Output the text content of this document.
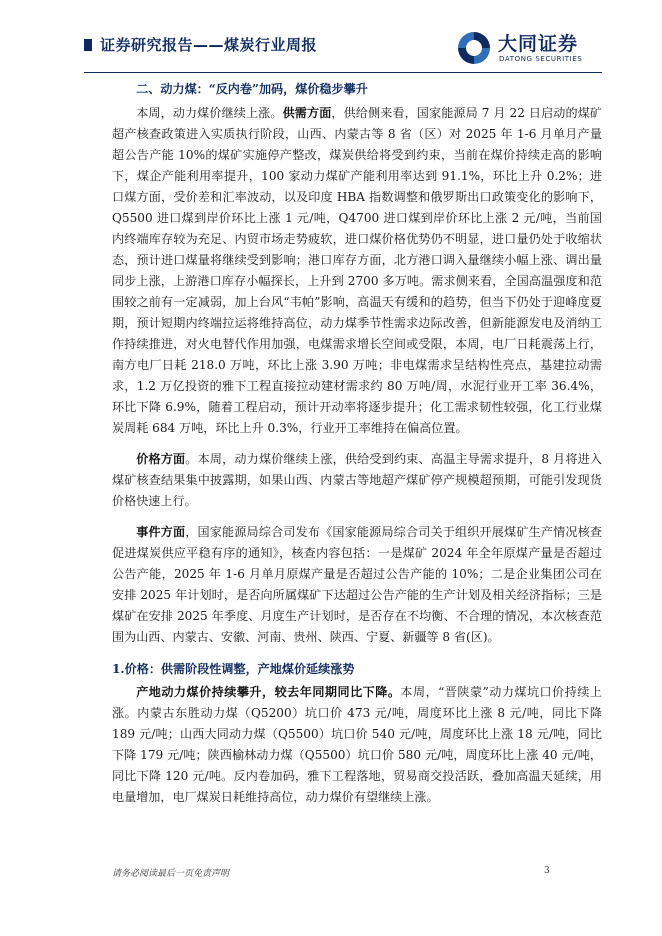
证券研究报告——煤炭行业周报	大同证券
DATONG SECURITIES

二、动力煤：“反内卷”加码，煤价稳步攀升

本周，动力煤价继续上涨。供需方面，供给侧来看，国家能源局 7 月 22 日启动的煤矿超产核查政策进入实质执行阶段，山西、内蒙古等 8 省（区）对 2025 年 1-6 月单月产量超公告产能 10%的煤矿实施停产整改，煤炭供给将受到约束，当前在煤价持续走高的影响下，煤企产能利用率提升，100 家动力煤矿产能利用率达到 91.1%，环比上升 0.2%；进口煤方面，受价差和汇率波动，以及印度 HBA 指数调整和俄罗斯出口政策变化的影响下，Q5500 进口煤到岸价环比上涨 1 元/吨，Q4700 进口煤到岸价环比上涨 2 元/吨，当前国内终端库存较为充足、内贸市场走势疲软，进口煤价格优势仍不明显，进口量仍处于收缩状态，预计进口煤量将继续受到影响；港口库存方面，北方港口调入量继续小幅上涨、调出量同步上涨，上游港口库存小幅探长，上升到 2700 多万吨。需求侧来看，全国高温强度和范围较之前有一定减弱，加上台风“韦帕”影响，高温天有缓和的趋势，但当下仍处于迎峰度夏期，预计短期内终端拉运将维持高位，动力煤季节性需求边际改善，但新能源发电及消纳工作持续推进，对火电替代作用加强，电煤需求增长空间或受限，本周，电厂日耗震荡上行，南方电厂日耗 218.0 万吨，环比上涨 3.90 万吨；非电煤需求呈结构性亮点，基建拉动需求，1.2 万亿投资的雅下工程直接拉动建材需求约 80 万吨/周，水泥行业开工率 36.4%，环比下降 6.9%，随着工程启动，预计开动率将逐步提升；化工需求韧性较强，化工行业煤炭周耗 684 万吨，环比上升 0.3%，行业开工率维持在偏高位置。

价格方面。本周，动力煤价继续上涨，供给受到约束、高温主导需求提升，8 月将进入煤矿核查结果集中披露期，如果山西、内蒙古等地超产煤矿停产规模超预期，可能引发现货价格快速上行。

事件方面，国家能源局综合司发布《国家能源局综合司关于组织开展煤矿生产情况核查促进煤炭供应平稳有序的通知》，核查内容包括：一是煤矿 2024 年全年原煤产量是否超过公告产能，2025 年 1-6 月单月原煤产量是否超过公告产能的 10%；二是企业集团公司在安排 2025 年计划时，是否向所属煤矿下达超过公告产能的生产计划及相关经济指标；三是煤矿在安排 2025 年季度、月度生产计划时，是否存在不均衡、不合理的情况，本次核查范围为山西、内蒙古、安徽、河南、贵州、陕西、宁夏、新疆等 8 省(区)。

1.价格：供需阶段性调整，产地煤价延续涨势

产地动力煤价持续攀升，较去年同期同比下降。本周，“晋陕蒙”动力煤坑口价持续上涨。内蒙古东胜动力煤（Q5200）坑口价 473 元/吨，周度环比上涨 8 元/吨，同比下降 189 元/吨；山西大同动力煤（Q5500）坑口价 540 元/吨，周度环比上涨 18 元/吨，同比下降 179 元/吨；陕西榆林动力煤（Q5500）坑口价 580 元/吨，周度环比上涨 40 元/吨，同比下降 120 元/吨。反内卷加码，雅下工程落地，贸易商交投活跃，叠加高温天延续，用电量增加，电厂煤炭日耗维持高位，动力煤价有望继续上涨。

请务必阅读最后一页免责声明	3
